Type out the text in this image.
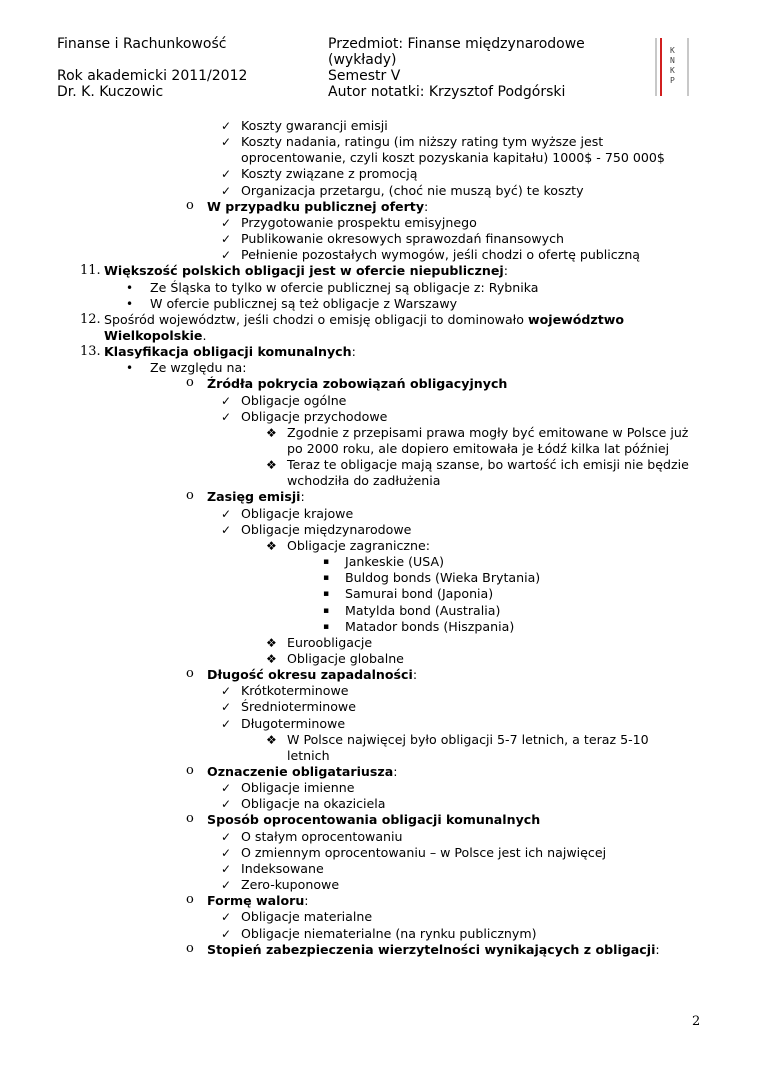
Finanse i Rachunkowość
Rok akademicki 2011/2012
Dr. K. Kuczowic
Przedmiot: Finanse międzynarodowe
(wykłady)
Semestr V
Autor notatki: Krzysztof Podgórski
K
N
K
P
✓ Koszty gwarancji emisji
✓ Koszty nadania, ratingu (im niższy rating tym wyższe jest
oprocentowanie, czyli koszt pozyskania kapitału) 1000$ - 750 000$
✓ Koszty związane z promocją
✓ Organizacja przetargu, (choć nie muszą być) te koszty
o W przypadku publicznej oferty:
✓ Przygotowanie prospektu emisyjnego
✓ Publikowanie okresowych sprawozdań finansowych
✓ Pełnienie pozostałych wymogów, jeśli chodzi o ofertę publiczną
11. Większość polskich obligacji jest w ofercie niepublicznej:
• Ze Śląska to tylko w ofercie publicznej są obligacje z: Rybnika
• W ofercie publicznej są też obligacje z Warszawy
12. Spośród województw, jeśli chodzi o emisję obligacji to dominowało województwo
Wielkopolskie.
13. Klasyfikacja obligacji komunalnych:
• Ze względu na:
o Źródła pokrycia zobowiązań obligacyjnych
✓ Obligacje ogólne
✓ Obligacje przychodowe
❖ Zgodnie z przepisami prawa mogły być emitowane w Polsce już
po 2000 roku, ale dopiero emitowała je Łódź kilka lat później
❖ Teraz te obligacje mają szanse, bo wartość ich emisji nie będzie
wchodziła do zadłużenia
o Zasięg emisji:
✓ Obligacje krajowe
✓ Obligacje międzynarodowe
❖ Obligacje zagraniczne:
▪ Jankeskie (USA)
▪ Buldog bonds (Wieka Brytania)
▪ Samurai bond (Japonia)
▪ Matylda bond (Australia)
▪ Matador bonds (Hiszpania)
❖ Euroobligacje
❖ Obligacje globalne
o Długość okresu zapadalności:
✓ Krótkoterminowe
✓ Średnioterminowe
✓ Długoterminowe
❖ W Polsce najwięcej było obligacji 5-7 letnich, a teraz 5-10
letnich
o Oznaczenie obligatariusza:
✓ Obligacje imienne
✓ Obligacje na okaziciela
o Sposób oprocentowania obligacji komunalnych
✓ O stałym oprocentowaniu
✓ O zmiennym oprocentowaniu – w Polsce jest ich najwięcej
✓ Indeksowane
✓ Zero-kuponowe
o Formę waloru:
✓ Obligacje materialne
✓ Obligacje niematerialne (na rynku publicznym)
o Stopień zabezpieczenia wierzytelności wynikających z obligacji:
2
